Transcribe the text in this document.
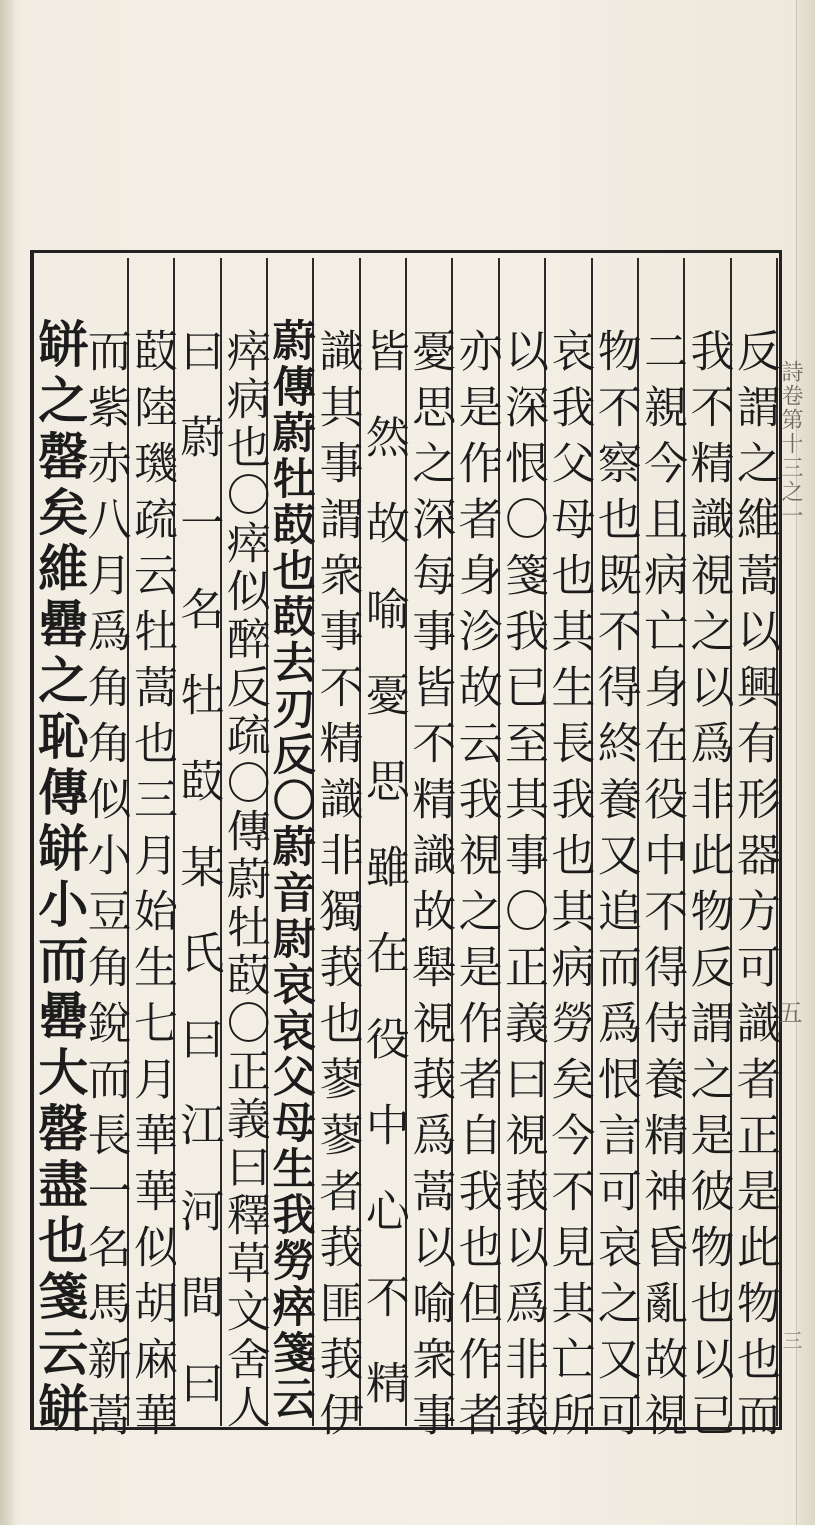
詩卷第十三之一
五
三
反謂之維蒿以興有形器方可識者正是此物也而
我不精識視之以爲非此物反謂之是彼物也以已
二親今且病亡身在役中不得侍養精神昏亂故視
物不察也既不得終養又追而爲恨言可哀之又可
哀我父母也其生長我也其病勞矣今不見其亡所
以深恨〇箋我已至其事〇正義曰視莪以爲非莪
亦是作者身沴故云我視之是作者自我也但作者
憂思之深每事皆不精識故舉視莪爲蒿以喻衆事
皆然故喻憂思雖在役中心不精
識其事謂衆事不精識非獨莪也蓼蓼者莪匪莪伊
蔚傳蔚牡菣也菣去刃反〇蔚音尉哀哀父母生我勞瘁箋云
瘁病也〇瘁似醉反疏〇傳蔚牡菣〇正義曰釋草文舍人
曰蔚一名牡菣某氏曰江河間曰
菣陸璣疏云牡蒿也三月始生七月華華似胡麻華
而紫赤八月爲角角似小豆角銳而長一名馬新蒿
缾之罄矣維罍之恥傳缾小而罍大罄盡也箋云缾
